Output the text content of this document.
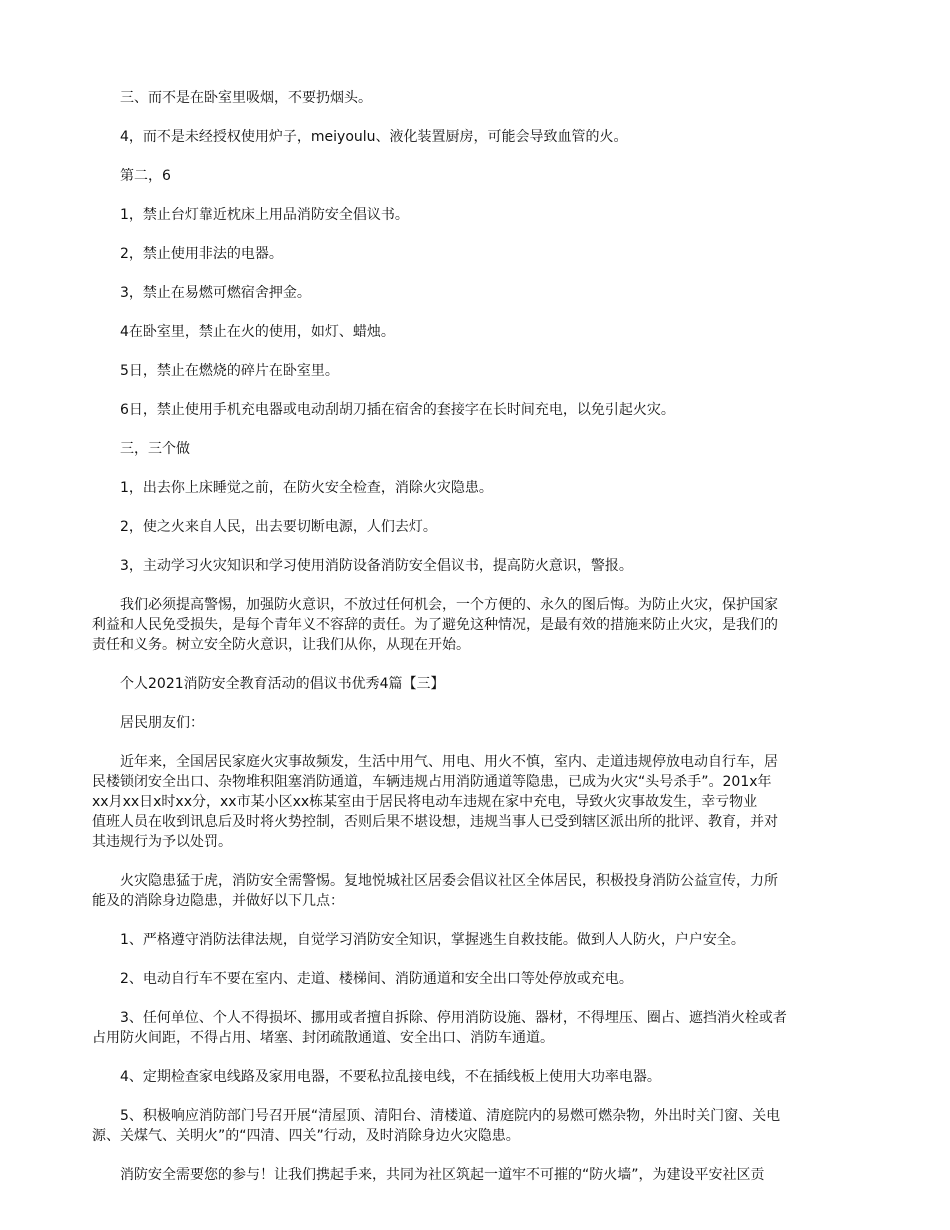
三、而不是在卧室里吸烟，不要扔烟头。
4，而不是未经授权使用炉子，meiyoulu、液化装置厨房，可能会导致血管的火。
第二，6
1，禁止台灯靠近枕床上用品消防安全倡议书。
2，禁止使用非法的电器。
3，禁止在易燃可燃宿舍押金。
4在卧室里，禁止在火的使用，如灯、蜡烛。
5日，禁止在燃烧的碎片在卧室里。
6日，禁止使用手机充电器或电动刮胡刀插在宿舍的套接字在长时间充电，以免引起火灾。
三，三个做
1，出去你上床睡觉之前，在防火安全检查，消除火灾隐患。
2，使之火来自人民，出去要切断电源，人们去灯。
3，主动学习火灾知识和学习使用消防设备消防安全倡议书，提高防火意识，警报。
我们必须提高警惕，加强防火意识，不放过任何机会，一个方便的、永久的图后悔。为防止火灾，保护国家
利益和人民免受损失，是每个青年义不容辞的责任。为了避免这种情况，是最有效的措施来防止火灾，是我们的
责任和义务。树立安全防火意识，让我们从你，从现在开始。
个人2021消防安全教育活动的倡议书优秀4篇【三】
居民朋友们：
近年来，全国居民家庭火灾事故频发，生活中用气、用电、用火不慎，室内、走道违规停放电动自行车，居
民楼锁闭安全出口、杂物堆积阻塞消防通道，车辆违规占用消防通道等隐患，已成为火灾“头号杀手”。201x年
xx月xx日x时xx分，xx市某小区xx栋某室由于居民将电动车违规在家中充电，导致火灾事故发生，幸亏物业
值班人员在收到讯息后及时将火势控制，否则后果不堪设想，违规当事人已受到辖区派出所的批评、教育，并对
其违规行为予以处罚。
火灾隐患猛于虎，消防安全需警惕。复地悦城社区居委会倡议社区全体居民，积极投身消防公益宣传，力所
能及的消除身边隐患，并做好以下几点：
1、严格遵守消防法律法规，自觉学习消防安全知识，掌握逃生自救技能。做到人人防火，户户安全。
2、电动自行车不要在室内、走道、楼梯间、消防通道和安全出口等处停放或充电。
3、任何单位、个人不得损坏、挪用或者擅自拆除、停用消防设施、器材，不得埋压、圈占、遮挡消火栓或者
占用防火间距，不得占用、堵塞、封闭疏散通道、安全出口、消防车通道。
4、定期检查家电线路及家用电器，不要私拉乱接电线，不在插线板上使用大功率电器。
5、积极响应消防部门号召开展“清屋顶、清阳台、清楼道、清庭院内的易燃可燃杂物，外出时关门窗、关电
源、关煤气、关明火”的“四清、四关”行动，及时消除身边火灾隐患。
消防安全需要您的参与！让我们携起手来，共同为社区筑起一道牢不可摧的“防火墙”，为建设平安社区贡
